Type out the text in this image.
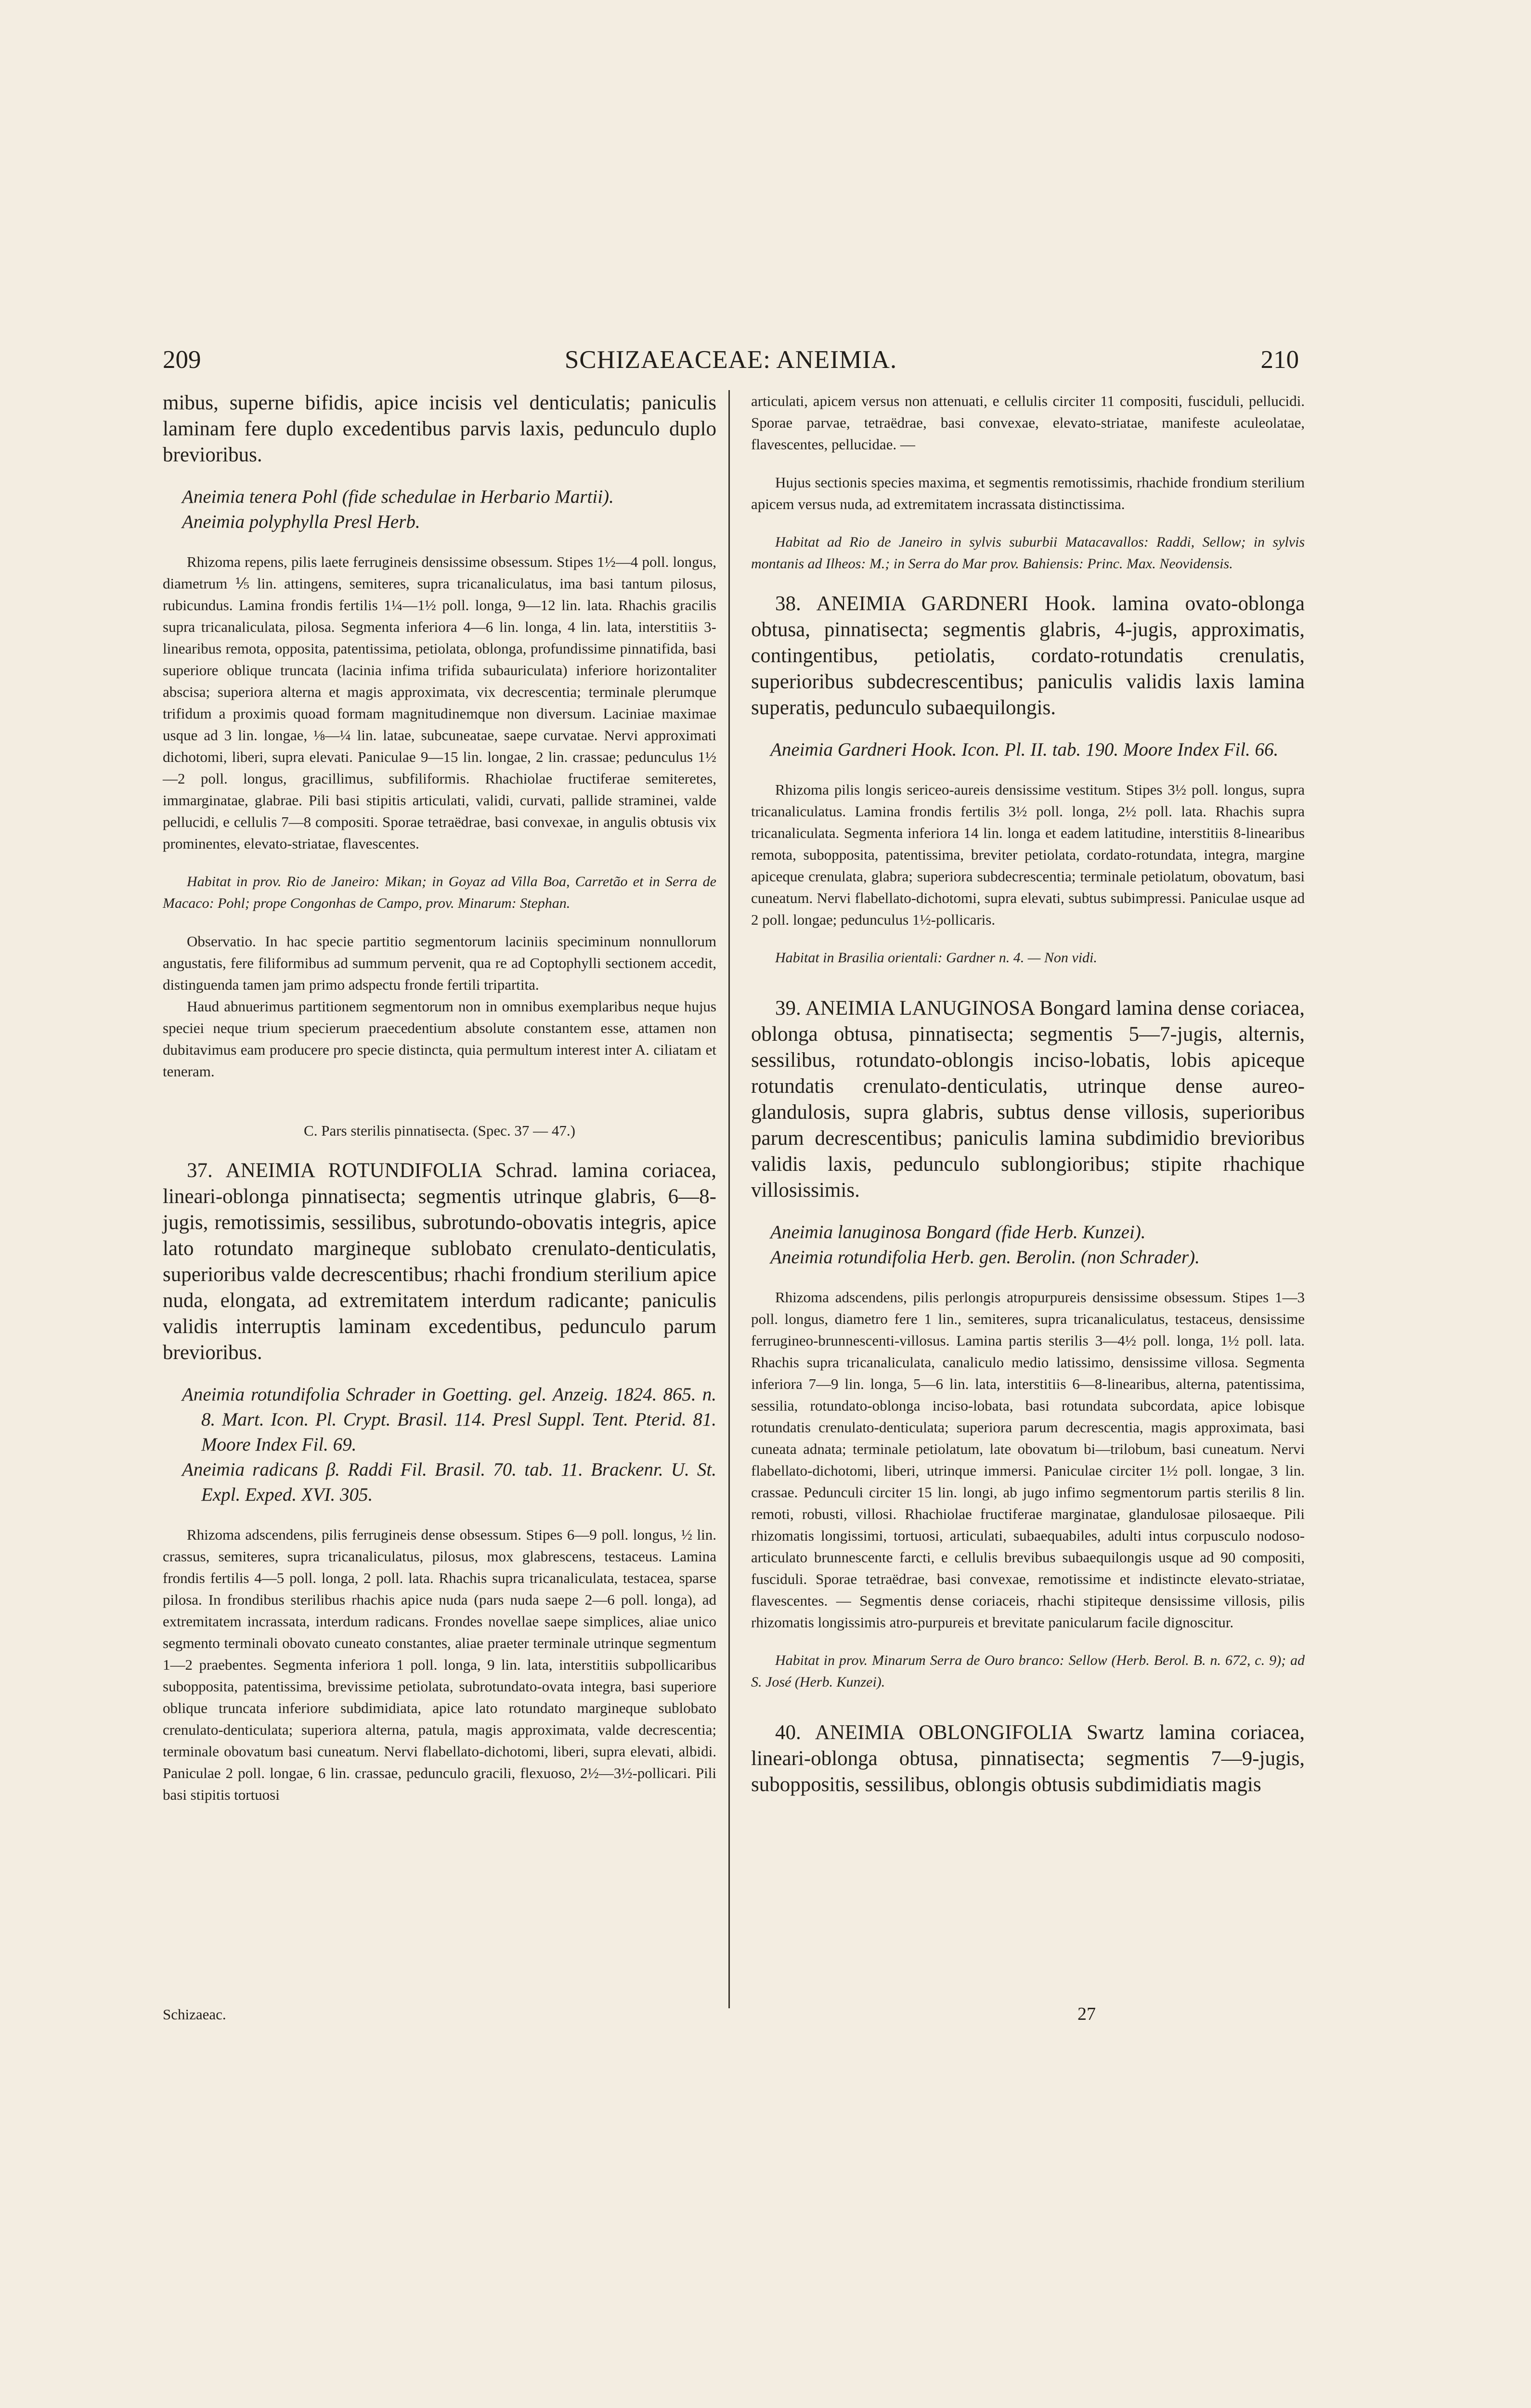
209	SCHIZAEACEAE: ANEIMIA.	210

mibus, superne bifidis, apice incisis vel denticulatis; paniculis laminam fere duplo excedentibus parvis laxis, pedunculo duplo brevioribus.

Aneimia tenera Pohl (fide schedulae in Herbario Martii).

Aneimia polyphylla Presl Herb.

Rhizoma repens, pilis laete ferrugineis densissime obsessum. Stipes 1½—4 poll. longus, diametrum ⅕ lin. attingens, semiteres, supra tricanaliculatus, ima basi tantum pilosus, rubicundus. Lamina frondis fertilis 1¼—1½ poll. longa, 9—12 lin. lata. Rhachis gracilis supra tricanaliculata, pilosa. Segmenta inferiora 4—6 lin. longa, 4 lin. lata, interstitiis 3-linearibus remota, opposita, patentissima, petiolata, oblonga, profundissime pinnatifida, basi superiore oblique truncata (lacinia infima trifida subauriculata) inferiore horizontaliter abscisa; superiora alterna et magis approximata, vix decrescentia; terminale plerumque trifidum a proximis quoad formam magnitudinemque non diversum. Laciniae maximae usque ad 3 lin. longae, ⅛—¼ lin. latae, subcuneatae, saepe curvatae. Nervi approximati dichotomi, liberi, supra elevati. Paniculae 9—15 lin. longae, 2 lin. crassae; pedunculus 1½—2 poll. longus, gracillimus, subfiliformis. Rhachiolae fructiferae semiteretes, immarginatae, glabrae. Pili basi stipitis articulati, validi, curvati, pallide straminei, valde pellucidi, e cellulis 7—8 compositi. Sporae tetraëdrae, basi convexae, in angulis obtusis vix prominentes, elevato-striatae, flavescentes.

Habitat in prov. Rio de Janeiro: Mikan; in Goyaz ad Villa Boa, Carretão et in Serra de Macaco: Pohl; prope Congonhas de Campo, prov. Minarum: Stephan.

Observatio. In hac specie partitio segmentorum laciniis speciminum nonnullorum angustatis, fere filiformibus ad summum pervenit, qua re ad Coptophylli sectionem accedit, distinguenda tamen jam primo adspectu fronde fertili tripartita.

Haud abnuerimus partitionem segmentorum non in omnibus exemplaribus neque hujus speciei neque trium specierum praecedentium absolute constantem esse, attamen non dubitavimus eam producere pro specie distincta, quia permultum interest inter A. ciliatam et teneram.

C. Pars sterilis pinnatisecta. (Spec. 37 — 47.)

37. ANEIMIA ROTUNDIFOLIA Schrad. lamina coriacea, lineari-oblonga pinnatisecta; segmentis utrinque glabris, 6—8-jugis, remotissimis, sessilibus, subrotundo-obovatis integris, apice lato rotundato margineque sublobato crenulato-denticulatis, superioribus valde decrescentibus; rhachi frondium sterilium apice nuda, elongata, ad extremitatem interdum radicante; paniculis validis interruptis laminam excedentibus, pedunculo parum brevioribus.

Aneimia rotundifolia Schrader in Goetting. gel. Anzeig. 1824. 865. n. 8. Mart. Icon. Pl. Crypt. Brasil. 114. Presl Suppl. Tent. Pterid. 81. Moore Index Fil. 69.

Aneimia radicans β. Raddi Fil. Brasil. 70. tab. 11. Brackenr. U. St. Expl. Exped. XVI. 305.

Rhizoma adscendens, pilis ferrugineis dense obsessum. Stipes 6—9 poll. longus, ½ lin. crassus, semiteres, supra tricanaliculatus, pilosus, mox glabrescens, testaceus. Lamina frondis fertilis 4—5 poll. longa, 2 poll. lata. Rhachis supra tricanaliculata, testacea, sparse pilosa. In frondibus sterilibus rhachis apice nuda (pars nuda saepe 2—6 poll. longa), ad extremitatem incrassata, interdum radicans. Frondes novellae saepe simplices, aliae unico segmento terminali obovato cuneato constantes, aliae praeter terminale utrinque segmentum 1—2 praebentes. Segmenta inferiora 1 poll. longa, 9 lin. lata, interstitiis subpollicaribus subopposita, patentissima, brevissime petiolata, subrotundato-ovata integra, basi superiore oblique truncata inferiore subdimidiata, apice lato rotundato margineque sublobato crenulato-denticulata; superiora alterna, patula, magis approximata, valde decrescentia; terminale obovatum basi cuneatum. Nervi flabellato-dichotomi, liberi, supra elevati, albidi. Paniculae 2 poll. longae, 6 lin. crassae, pedunculo gracili, flexuoso, 2½—3½-pollicari. Pili basi stipitis tortuosi

Schizaeac.

articulati, apicem versus non attenuati, e cellulis circiter 11 compositi, fusciduli, pellucidi. Sporae parvae, tetraëdrae, basi convexae, elevato-striatae, manifeste aculeolatae, flavescentes, pellucidae. —

Hujus sectionis species maxima, et segmentis remotissimis, rhachide frondium sterilium apicem versus nuda, ad extremitatem incrassata distinctissima.

Habitat ad Rio de Janeiro in sylvis suburbii Matacavallos: Raddi, Sellow; in sylvis montanis ad Ilheos: M.; in Serra do Mar prov. Bahiensis: Princ. Max. Neovidensis.

38. ANEIMIA GARDNERI Hook. lamina ovato-oblonga obtusa, pinnatisecta; segmentis glabris, 4-jugis, approximatis, contingentibus, petiolatis, cordato-rotundatis crenulatis, superioribus subdecrescentibus; paniculis validis laxis lamina superatis, pedunculo subaequilongis.

Aneimia Gardneri Hook. Icon. Pl. II. tab. 190. Moore Index Fil. 66.

Rhizoma pilis longis sericeo-aureis densissime vestitum. Stipes 3½ poll. longus, supra tricanaliculatus. Lamina frondis fertilis 3½ poll. longa, 2½ poll. lata. Rhachis supra tricanaliculata. Segmenta inferiora 14 lin. longa et eadem latitudine, interstitiis 8-linearibus remota, subopposita, patentissima, breviter petiolata, cordato-rotundata, integra, margine apiceque crenulata, glabra; superiora subdecrescentia; terminale petiolatum, obovatum, basi cuneatum. Nervi flabellato-dichotomi, supra elevati, subtus subimpressi. Paniculae usque ad 2 poll. longae; pedunculus 1½-pollicaris.

Habitat in Brasilia orientali: Gardner n. 4. — Non vidi.

39. ANEIMIA LANUGINOSA Bongard lamina dense coriacea, oblonga obtusa, pinnatisecta; segmentis 5—7-jugis, alternis, sessilibus, rotundato-oblongis inciso-lobatis, lobis apiceque rotundatis crenulato-denticulatis, utrinque dense aureo-glandulosis, supra glabris, subtus dense villosis, superioribus parum decrescentibus; paniculis lamina subdimidio brevioribus validis laxis, pedunculo sublongioribus; stipite rhachique villosissimis.

Aneimia lanuginosa Bongard (fide Herb. Kunzei).

Aneimia rotundifolia Herb. gen. Berolin. (non Schrader).

Rhizoma adscendens, pilis perlongis atropurpureis densissime obsessum. Stipes 1—3 poll. longus, diametro fere 1 lin., semiteres, supra tricanaliculatus, testaceus, densissime ferrugineo-brunnescenti-villosus. Lamina partis sterilis 3—4½ poll. longa, 1½ poll. lata. Rhachis supra tricanaliculata, canaliculo medio latissimo, densissime villosa. Segmenta inferiora 7—9 lin. longa, 5—6 lin. lata, interstitiis 6—8-linearibus, alterna, patentissima, sessilia, rotundato-oblonga inciso-lobata, basi rotundata subcordata, apice lobisque rotundatis crenulato-denticulata; superiora parum decrescentia, magis approximata, basi cuneata adnata; terminale petiolatum, late obovatum bi—trilobum, basi cuneatum. Nervi flabellato-dichotomi, liberi, utrinque immersi. Paniculae circiter 1½ poll. longae, 3 lin. crassae. Pedunculi circiter 15 lin. longi, ab jugo infimo segmentorum partis sterilis 8 lin. remoti, robusti, villosi. Rhachiolae fructiferae marginatae, glandulosae pilosaeque. Pili rhizomatis longissimi, tortuosi, articulati, subaequabiles, adulti intus corpusculo nodoso-articulato brunnescente farcti, e cellulis brevibus subaequilongis usque ad 90 compositi, fusciduli. Sporae tetraëdrae, basi convexae, remotissime et indistincte elevato-striatae, flavescentes. — Segmentis dense coriaceis, rhachi stipiteque densissime villosis, pilis rhizomatis longissimis atro-purpureis et brevitate panicularum facile dignoscitur.

Habitat in prov. Minarum Serra de Ouro branco: Sellow (Herb. Berol. B. n. 672, c. 9); ad S. José (Herb. Kunzei).

40. ANEIMIA OBLONGIFOLIA Swartz lamina coriacea, lineari-oblonga obtusa, pinnatisecta; segmentis 7—9-jugis, suboppositis, sessilibus, oblongis obtusis subdimidiatis magis

27
